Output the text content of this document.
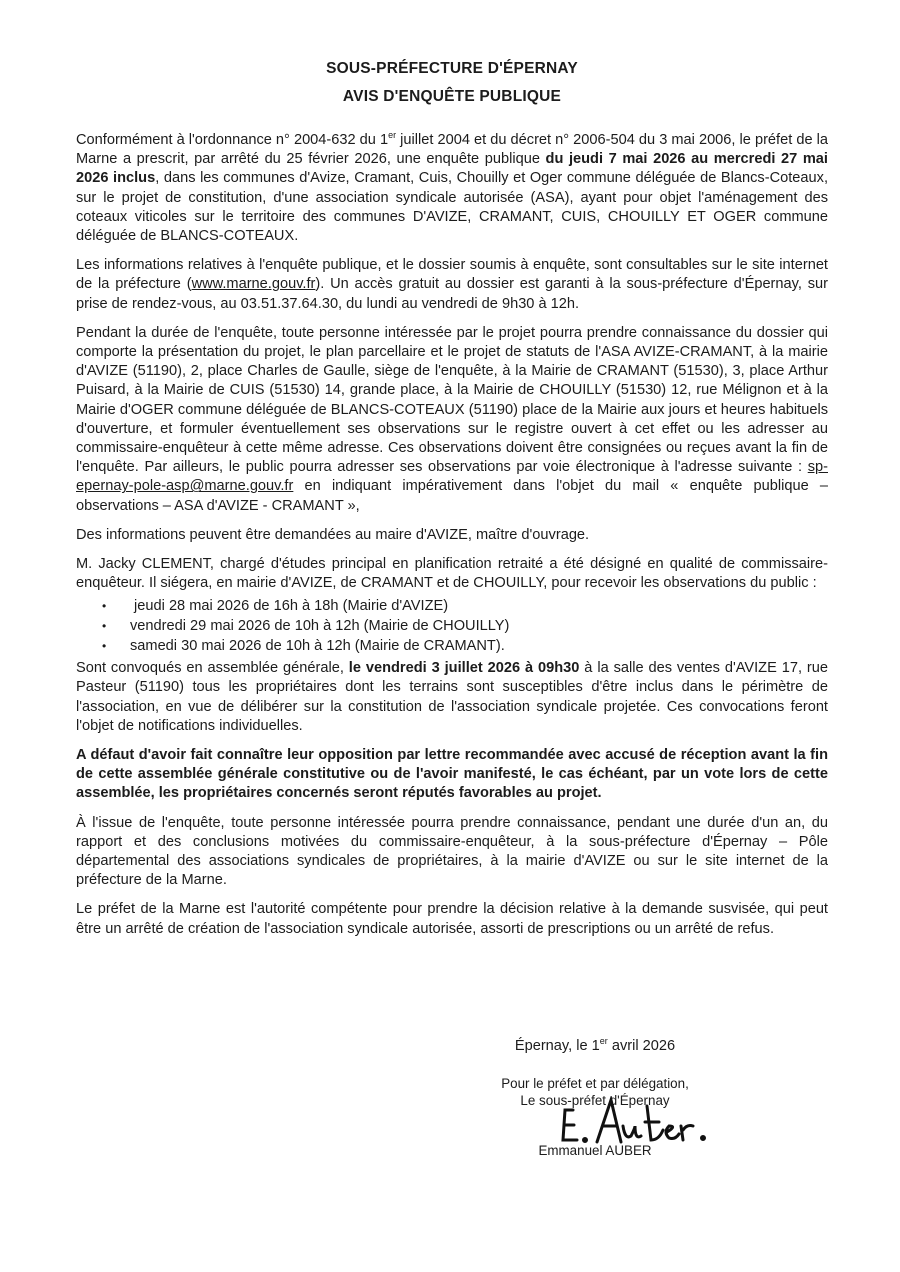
SOUS-PRÉFECTURE D'ÉPERNAY
AVIS D'ENQUÊTE PUBLIQUE

Conformément à l'ordonnance n° 2004-632 du 1er juillet 2004 et du décret n° 2006-504 du 3 mai 2006, le préfet de la Marne a prescrit, par arrêté du 25 février 2026, une enquête publique du jeudi 7 mai 2026 au mercredi 27 mai 2026 inclus, dans les communes d'Avize, Cramant, Cuis, Chouilly et Oger commune déléguée de Blancs-Coteaux, sur le projet de constitution, d'une association syndicale autorisée (ASA), ayant pour objet l'aménagement des coteaux viticoles sur le territoire des communes D'AVIZE, CRAMANT, CUIS, CHOUILLY ET OGER commune déléguée de BLANCS-COTEAUX.

Les informations relatives à l'enquête publique, et le dossier soumis à enquête, sont consultables sur le site internet de la préfecture (www.marne.gouv.fr). Un accès gratuit au dossier est garanti à la sous-préfecture d'Épernay, sur prise de rendez-vous, au 03.51.37.64.30, du lundi au vendredi de 9h30 à 12h.

Pendant la durée de l'enquête, toute personne intéressée par le projet pourra prendre connaissance du dossier qui comporte la présentation du projet, le plan parcellaire et le projet de statuts de l'ASA AVIZE-CRAMANT, à la mairie d'AVIZE (51190), 2, place Charles de Gaulle, siège de l'enquête, à la Mairie de CRAMANT (51530), 3, place Arthur Puisard, à la Mairie de CUIS (51530) 14, grande place, à la Mairie de CHOUILLY (51530) 12, rue Mélignon et à la Mairie d'OGER commune déléguée de BLANCS-COTEAUX (51190) place de la Mairie aux jours et heures habituels d'ouverture, et formuler éventuellement ses observations sur le registre ouvert à cet effet ou les adresser au commissaire-enquêteur à cette même adresse. Ces observations doivent être consignées ou reçues avant la fin de l'enquête. Par ailleurs, le public pourra adresser ses observations par voie électronique à l'adresse suivante : sp-epernay-pole-asp@marne.gouv.fr en indiquant impérativement dans l'objet du mail « enquête publique – observations – ASA d'AVIZE - CRAMANT »,

Des informations peuvent être demandées au maire d'AVIZE, maître d'ouvrage.

M. Jacky CLEMENT, chargé d'études principal en planification retraité a été désigné en qualité de commissaire-enquêteur. Il siégera, en mairie d'AVIZE, de CRAMANT et de CHOUILLY, pour recevoir les observations du public :

• jeudi 28 mai 2026 de 16h à 18h (Mairie d'AVIZE)
• vendredi 29 mai 2026 de 10h à 12h (Mairie de CHOUILLY)
• samedi 30 mai 2026 de 10h à 12h (Mairie de CRAMANT).

Sont convoqués en assemblée générale, le vendredi 3 juillet 2026 à 09h30 à la salle des ventes d'AVIZE 17, rue Pasteur (51190) tous les propriétaires dont les terrains sont susceptibles d'être inclus dans le périmètre de l'association, en vue de délibérer sur la constitution de l'association syndicale projetée. Ces convocations feront l'objet de notifications individuelles.

A défaut d'avoir fait connaître leur opposition par lettre recommandée avec accusé de réception avant la fin de cette assemblée générale constitutive ou de l'avoir manifesté, le cas échéant, par un vote lors de cette assemblée, les propriétaires concernés seront réputés favorables au projet.

À l'issue de l'enquête, toute personne intéressée pourra prendre connaissance, pendant une durée d'un an, du rapport et des conclusions motivées du commissaire-enquêteur, à la sous-préfecture d'Épernay – Pôle départemental des associations syndicales de propriétaires, à la mairie d'AVIZE ou sur le site internet de la préfecture de la Marne.

Le préfet de la Marne est l'autorité compétente pour prendre la décision relative à la demande susvisée, qui peut être un arrêté de création de l'association syndicale autorisée, assorti de prescriptions ou un arrêté de refus.

Épernay, le 1er avril 2026
Pour le préfet et par délégation,
Le sous-préfet d'Épernay
Emmanuel AUBER
